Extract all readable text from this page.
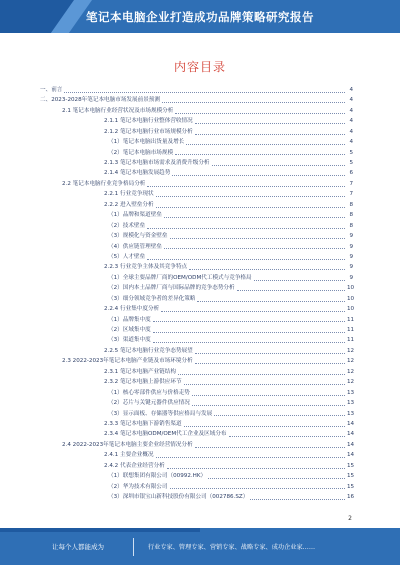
笔记本电脑企业打造成功品牌策略研究报告
内容目录
一、前言	4
二、2023-2028年笔记本电脑市场发展前景预测	4
2.1 笔记本电脑行业经营状况及市场规模分析	4
2.1.1 笔记本电脑行业整体营收情况	4
2.1.2 笔记本电脑行业市场规模分析	4
（1）笔记本电脑出货量及增长	4
（2）笔记本电脑市场规模	5
2.1.3 笔记本电脑市场需求及消费升级分析	5
2.1.4 笔记本电脑发展趋势	6
2.2 笔记本电脑行业竞争格局分析	7
2.2.1 行业竞争现状	7
2.2.2 进入壁垒分析	8
（1）品牌和渠道壁垒	8
（2）技术壁垒	8
（3）规模化与资金壁垒	9
（4）供应链管理壁垒	9
（5）人才壁垒	9
2.2.3 行业竞争主体及其竞争特点	9
（1）全球主要品牌厂商的OEM/ODM代工模式与竞争格局	9
（2）国内本土品牌厂商与国际品牌的竞争态势分析	10
（3）细分领域竞争者的差异化策略	10
2.2.4 行业集中度分析	10
（1）品牌集中度	11
（2）区域集中度	11
（3）渠道集中度	11
2.2.5 笔记本电脑行业竞争态势展望	12
2.3 2022-2023年笔记本电脑产业链及市场环境分析	12
2.3.1 笔记本电脑产业链结构	12
2.3.2 笔记本电脑上游供应环节	12
（1）核心零部件供应与价格走势	13
（2）芯片与关键元器件供应情况	13
（3）显示面板、存储器等供应格局与发展	13
2.3.3 笔记本电脑下游销售渠道	14
2.3.4 笔记本电脑ODM/OEM代工企业及区域分布	14
2.4 2022-2023年笔记本电脑主要企业经营情况分析	14
2.4.1 主要企业概况	14
2.4.2 代表企业经营分析	15
（1）联想集团有限公司（00992.HK）	15
（2）华为技术有限公司	15
（3）深圳市银宝山新科技股份有限公司（002786.SZ）	16
2
让每个人都能成为	行业专家、管理专家、营销专家、战略专家、成功企业家……
